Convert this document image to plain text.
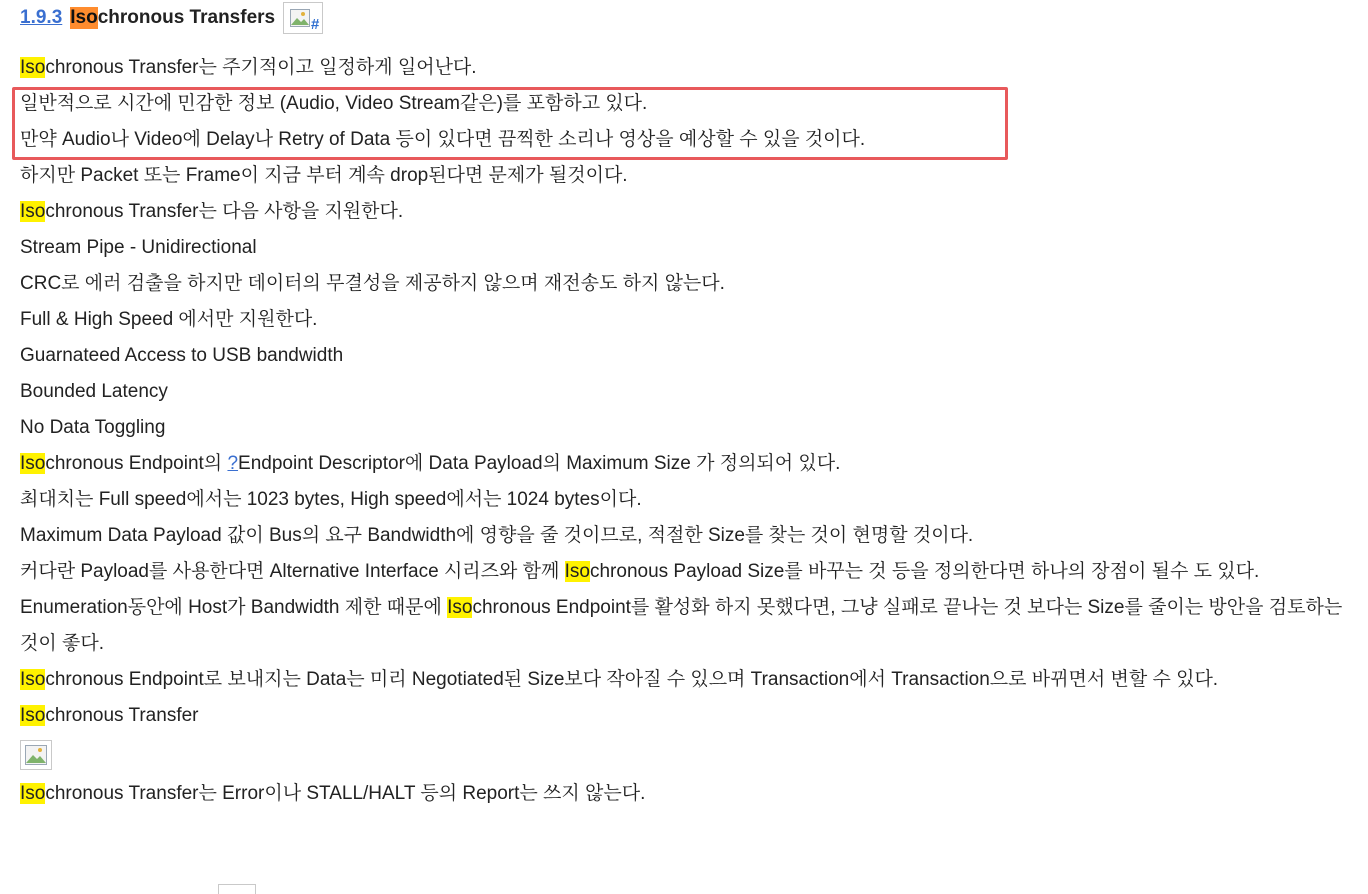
1.9.3 Iso chronous Transfers #
Isochronous Transfer는 주기적이고 일정하게 일어난다.
일반적으로 시간에 민감한 정보 (Audio, Video Stream같은)를 포함하고 있다.
만약 Audio나 Video에 Delay나 Retry of Data 등이 있다면 끔찍한 소리나 영상을 예상할 수 있을 것이다.
하지만 Packet 또는 Frame이 지금 부터 계속 drop된다면 문제가 될것이다.
Isochronous Transfer는 다음 사항을 지원한다.
Stream Pipe - Unidirectional
CRC로 에러 검출을 하지만 데이터의 무결성을 제공하지 않으며 재전송도 하지 않는다.
Full & High Speed 에서만 지원한다.
Guarnateed Access to USB bandwidth
Bounded Latency
No Data Toggling
Isochronous Endpoint의 ?Endpoint Descriptor에 Data Payload의 Maximum Size 가 정의되어 있다.
최대치는 Full speed에서는 1023 bytes, High speed에서는 1024 bytes이다.
Maximum Data Payload 값이 Bus의 요구 Bandwidth에 영향을 줄 것이므로, 적절한 Size를 찾는 것이 현명할 것이다.
커다란 Payload를 사용한다면 Alternative Interface 시리즈와 함께 Isochronous Payload Size를 바꾸는 것 등을 정의한다면 하나의 장점이 될수 도 있다.
Enumeration동안에 Host가 Bandwidth 제한 때문에 Isochronous Endpoint를 활성화 하지 못했다면, 그냥 실패로 끝나는 것 보다는 Size를 줄이는 방안을 검토하는것이 좋다.
Isochronous Endpoint로 보내지는 Data는 미리 Negotiated된 Size보다 작아질 수 있으며 Transaction에서 Transaction으로 바뀌면서 변할 수 있다.
Isochronous Transfer
Isochronous Transfer는 Error이나 STALL/HALT 등의 Report는 쓰지 않는다.
